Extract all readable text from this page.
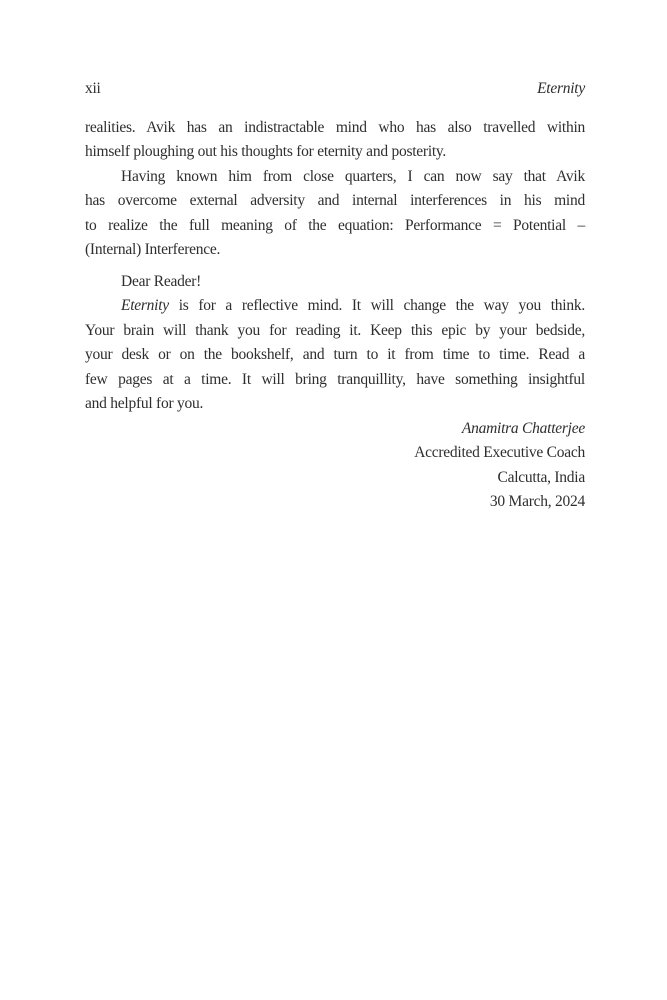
xii	Eternity
realities. Avik has an indistractable mind who has also travelled within
himself ploughing out his thoughts for eternity and posterity.
Having known him from close quarters, I can now say that Avik
has overcome external adversity and internal interferences in his mind
to realize the full meaning of the equation: Performance = Potential –
(Internal) Interference.
Dear Reader!
Eternity is for a reflective mind. It will change the way you think.
Your brain will thank you for reading it. Keep this epic by your bedside,
your desk or on the bookshelf, and turn to it from time to time. Read a
few pages at a time. It will bring tranquillity, have something insightful
and helpful for you.
Anamitra Chatterjee
Accredited Executive Coach
Calcutta, India
30 March, 2024
